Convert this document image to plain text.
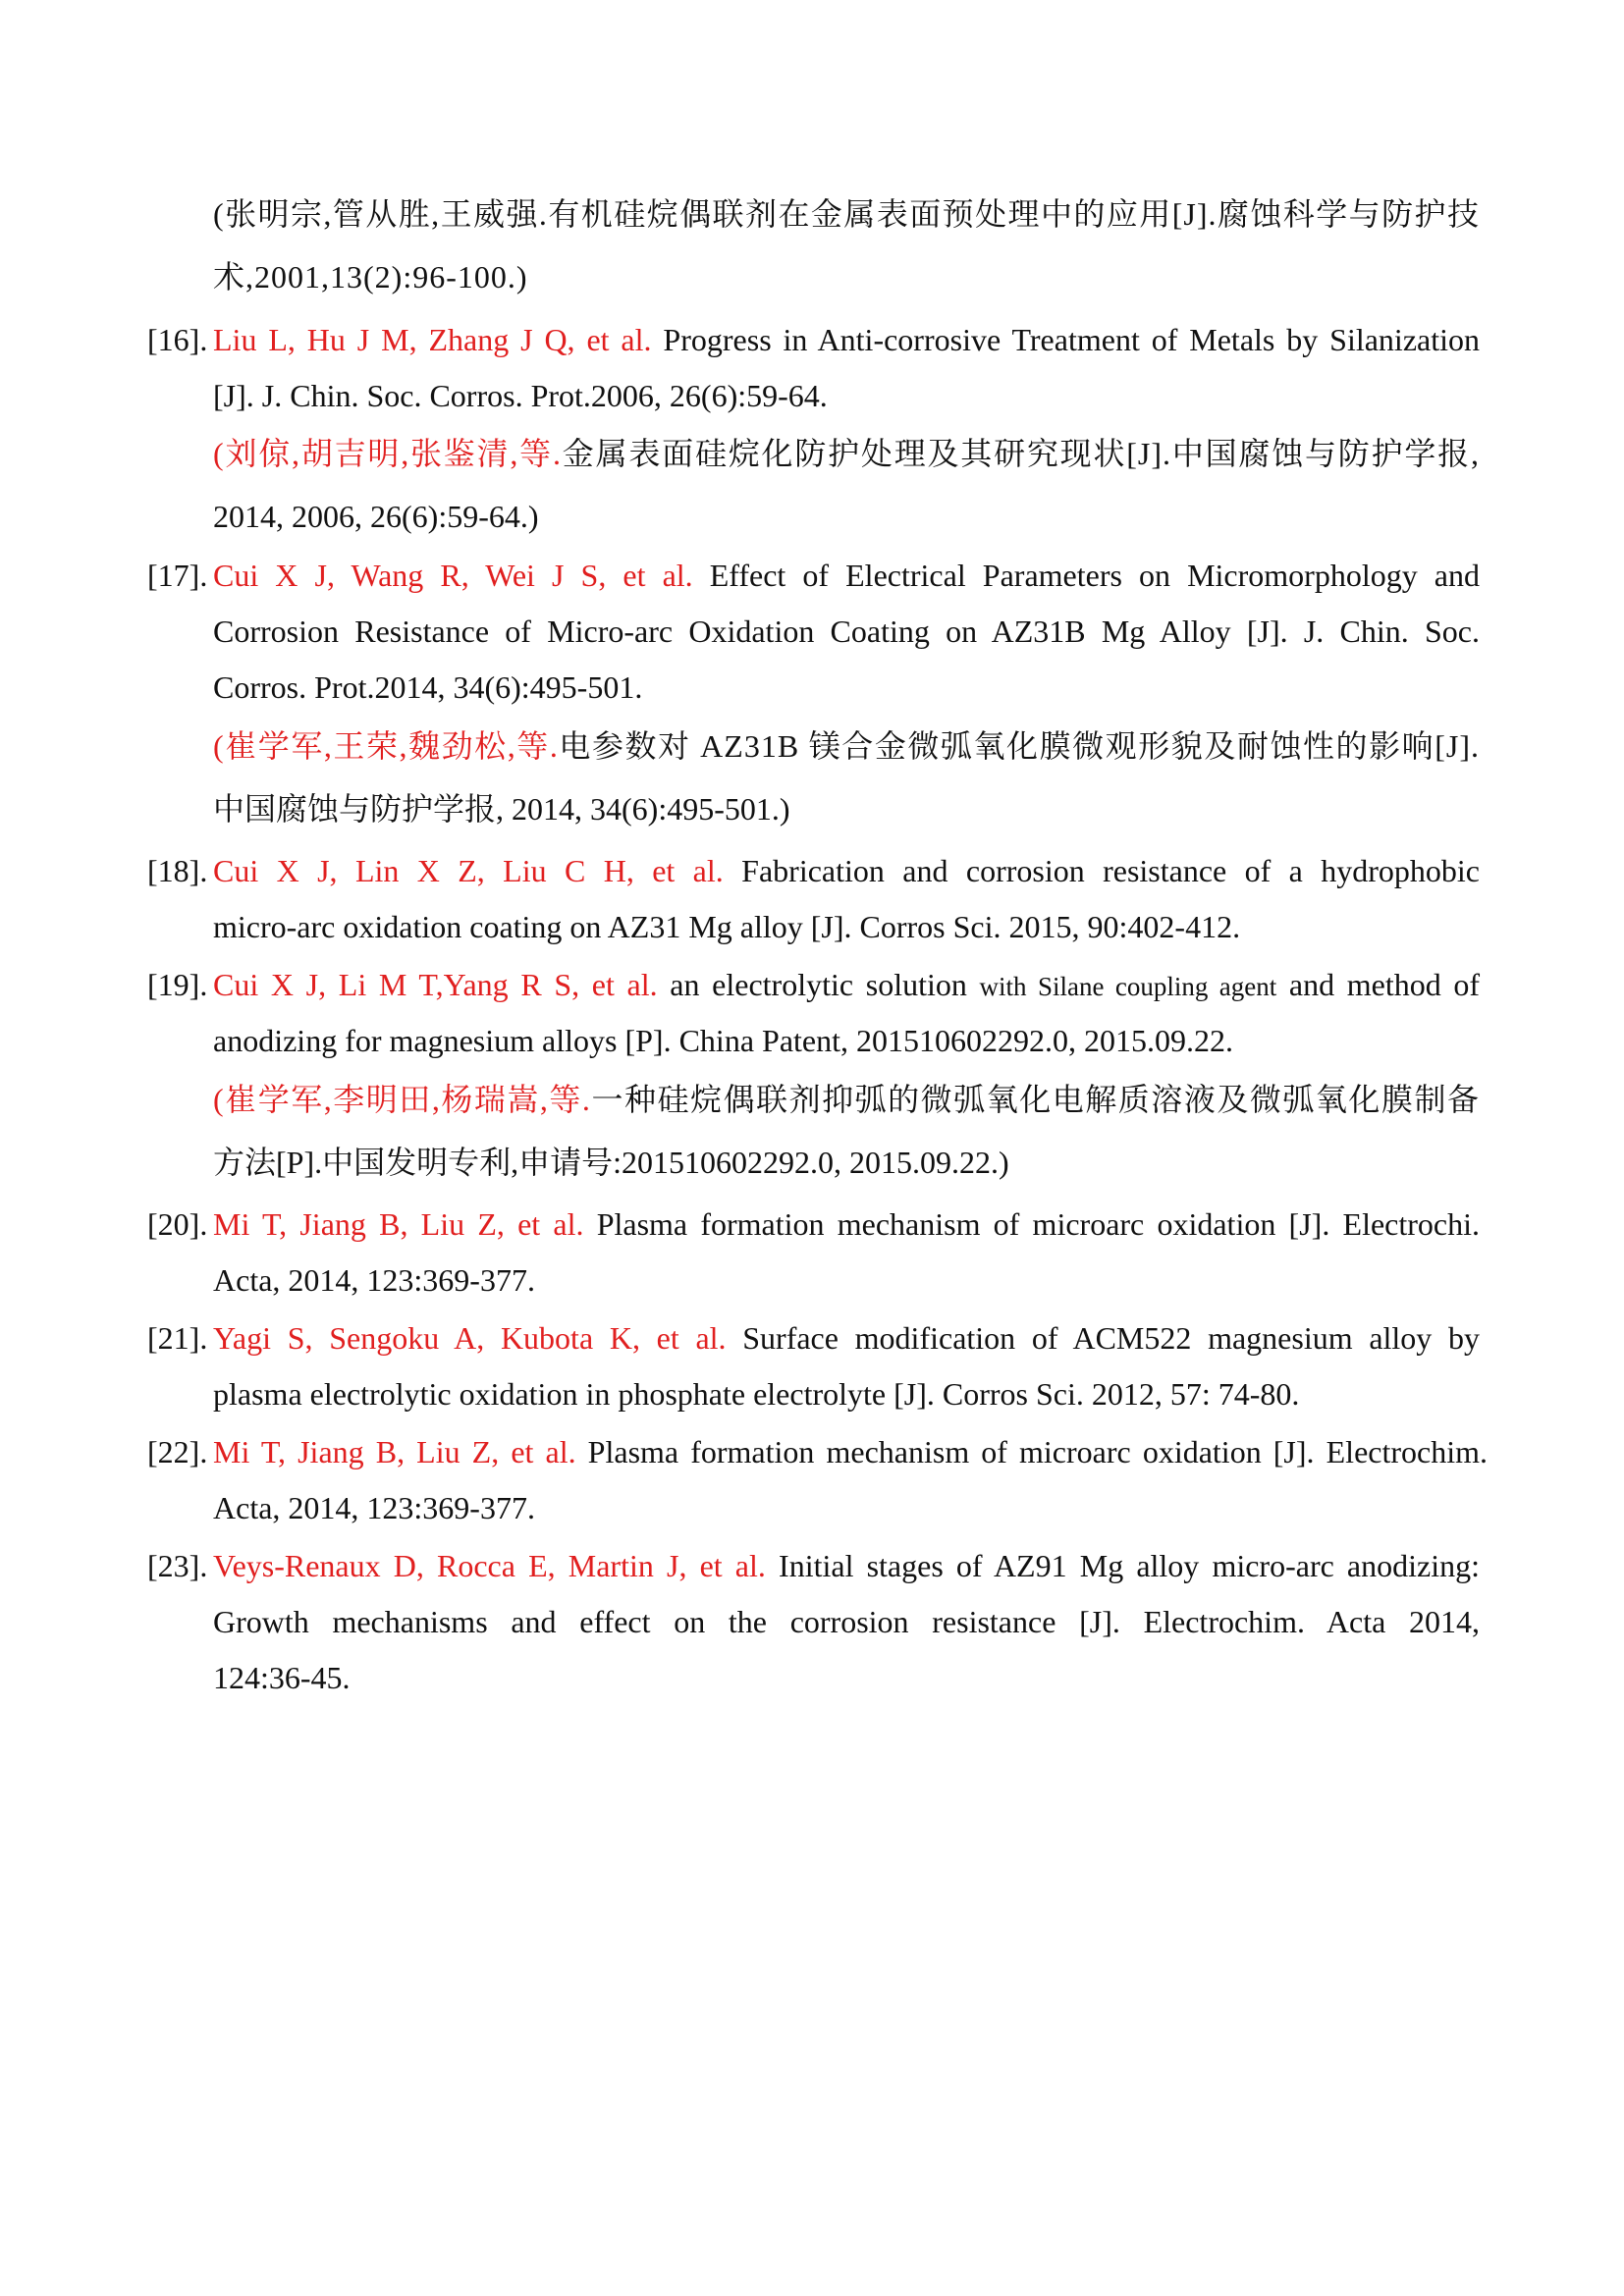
(张明宗,管从胜,王威强.有机硅烷偶联剂在金属表面预处理中的应用[J].腐蚀科学与防护技
术,2001,13(2):96-100.)
[16]. Liu L, Hu J M, Zhang J Q, et al. Progress in Anti-corrosive Treatment of Metals by Silanization
[J]. J. Chin. Soc. Corros. Prot.2006, 26(6):59-64.
(刘倞,胡吉明,张鉴清,等.金属表面硅烷化防护处理及其研究现状[J].中国腐蚀与防护学报,
2014, 2006, 26(6):59-64.)
[17]. Cui X J, Wang R, Wei J S, et al. Effect of Electrical Parameters on Micromorphology and
Corrosion Resistance of Micro-arc Oxidation Coating on AZ31B Mg Alloy [J]. J. Chin. Soc.
Corros. Prot.2014, 34(6):495-501.
(崔学军,王荣,魏劲松,等.电参数对 AZ31B 镁合金微弧氧化膜微观形貌及耐蚀性的影响[J].
中国腐蚀与防护学报, 2014, 34(6):495-501.)
[18]. Cui X J, Lin X Z, Liu C H, et al. Fabrication and corrosion resistance of a hydrophobic
micro-arc oxidation coating on AZ31 Mg alloy [J]. Corros Sci. 2015, 90:402-412.
[19]. Cui X J, Li M T,Yang R S, et al. an electrolytic solution with Silane coupling agent and method of
anodizing for magnesium alloys [P]. China Patent, 201510602292.0, 2015.09.22.
(崔学军,李明田,杨瑞嵩,等.一种硅烷偶联剂抑弧的微弧氧化电解质溶液及微弧氧化膜制备
方法[P].中国发明专利,申请号:201510602292.0, 2015.09.22.)
[20]. Mi T, Jiang B, Liu Z, et al. Plasma formation mechanism of microarc oxidation [J]. Electrochi.
Acta, 2014, 123:369-377.
[21]. Yagi S, Sengoku A, Kubota K, et al. Surface modification of ACM522 magnesium alloy by
plasma electrolytic oxidation in phosphate electrolyte [J]. Corros Sci. 2012, 57: 74-80.
[22]. Mi T, Jiang B, Liu Z, et al. Plasma formation mechanism of microarc oxidation [J]. Electrochim.
Acta, 2014, 123:369-377.
[23]. Veys-Renaux D, Rocca E, Martin J, et al. Initial stages of AZ91 Mg alloy micro-arc anodizing:
Growth mechanisms and effect on the corrosion resistance [J]. Electrochim. Acta 2014,
124:36-45.
